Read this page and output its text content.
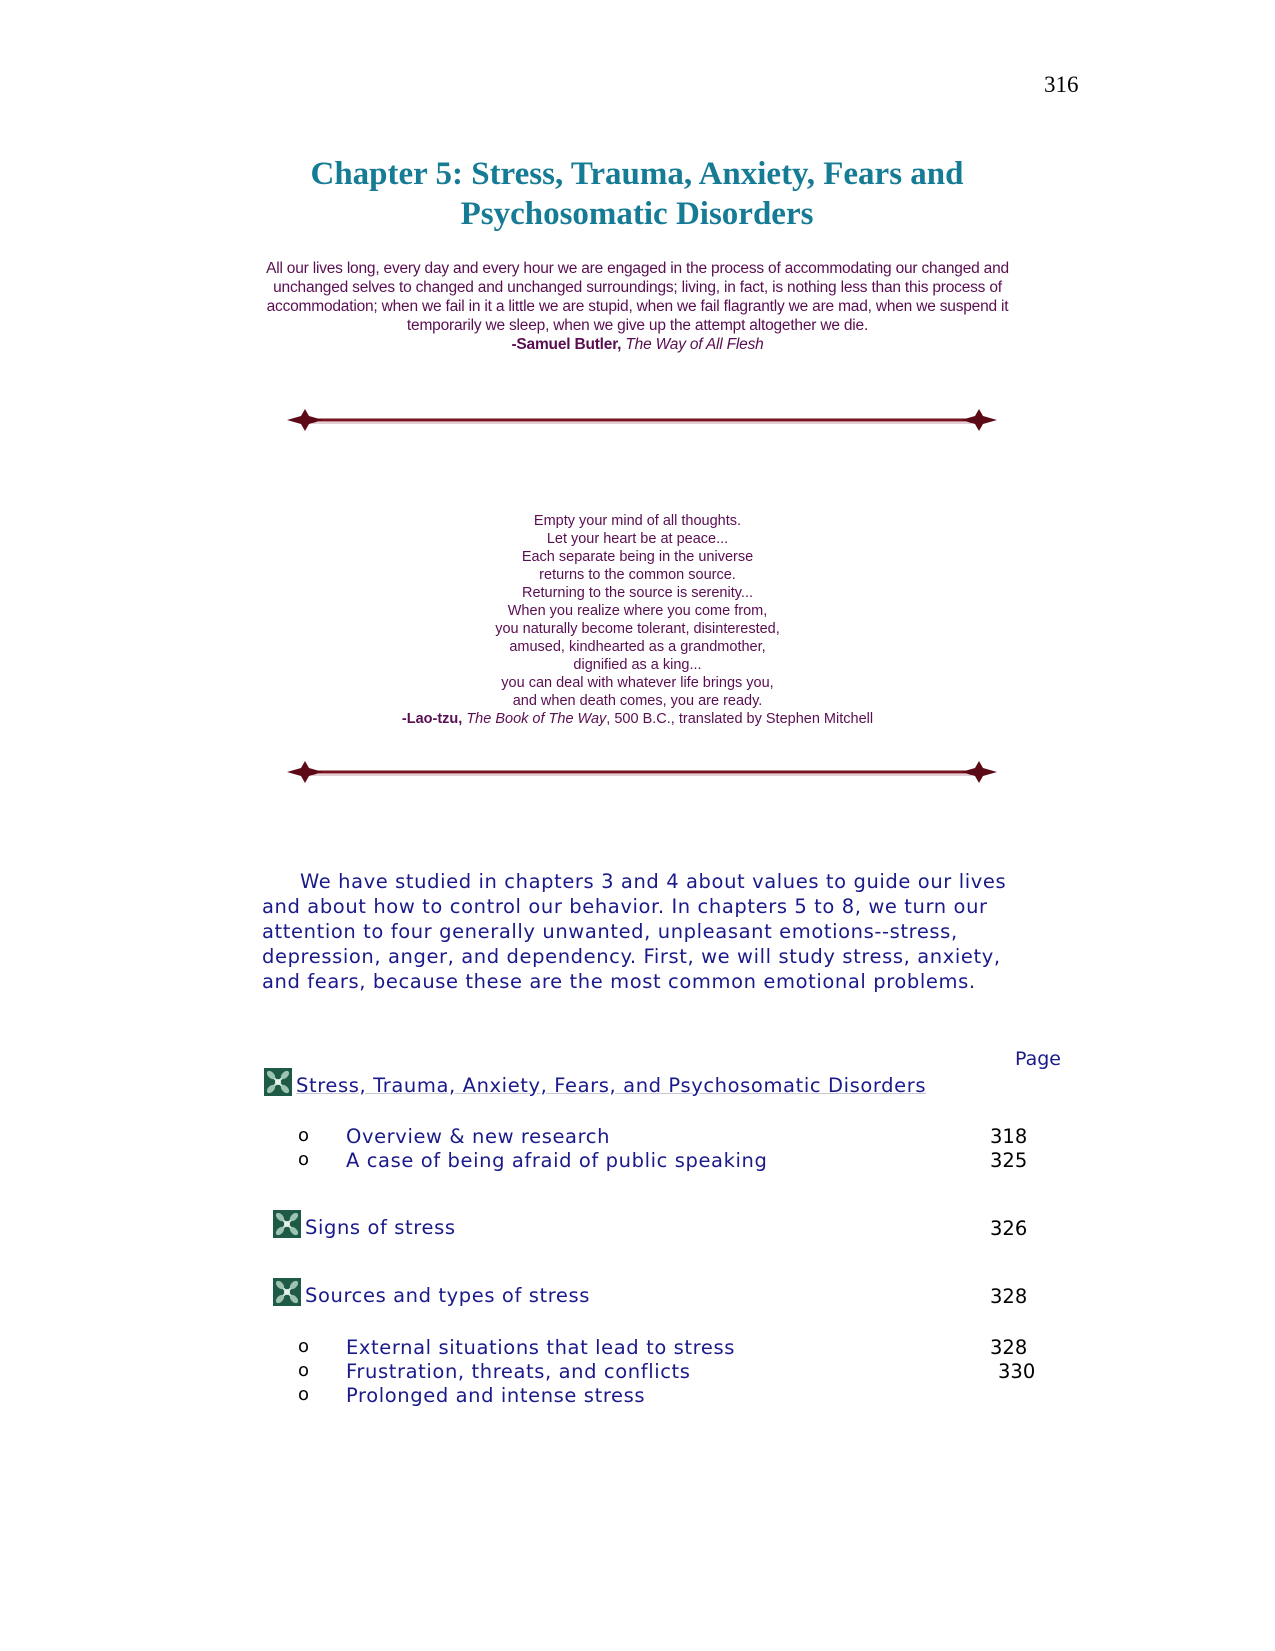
316
Chapter 5: Stress, Trauma, Anxiety, Fears and Psychosomatic Disorders
All our lives long, every day and every hour we are engaged in the process of accommodating our changed and unchanged selves to changed and unchanged surroundings; living, in fact, is nothing less than this process of accommodation; when we fail in it a little we are stupid, when we fail flagrantly we are mad, when we suspend it temporarily we sleep, when we give up the attempt altogether we die.
-Samuel Butler, The Way of All Flesh
Empty your mind of all thoughts.
Let your heart be at peace...
Each separate being in the universe
returns to the common source.
Returning to the source is serenity...
When you realize where you come from,
you naturally become tolerant, disinterested,
amused, kindhearted as a grandmother,
dignified as a king...
you can deal with whatever life brings you,
and when death comes, you are ready.
-Lao-tzu, The Book of The Way, 500 B.C., translated by Stephen Mitchell

We have studied in chapters 3 and 4 about values to guide our lives and about how to control our behavior. In chapters 5 to 8, we turn our attention to four generally unwanted, unpleasant emotions--stress, depression, anger, and dependency. First, we will study stress, anxiety, and fears, because these are the most common emotional problems.

Page
Stress, Trauma, Anxiety, Fears, and Psychosomatic Disorders
o Overview & new research	318
o A case of being afraid of public speaking	325
Signs of stress	326
Sources and types of stress	328
o External situations that lead to stress	328
o Frustration, threats, and conflicts	330
o Prolonged and intense stress
